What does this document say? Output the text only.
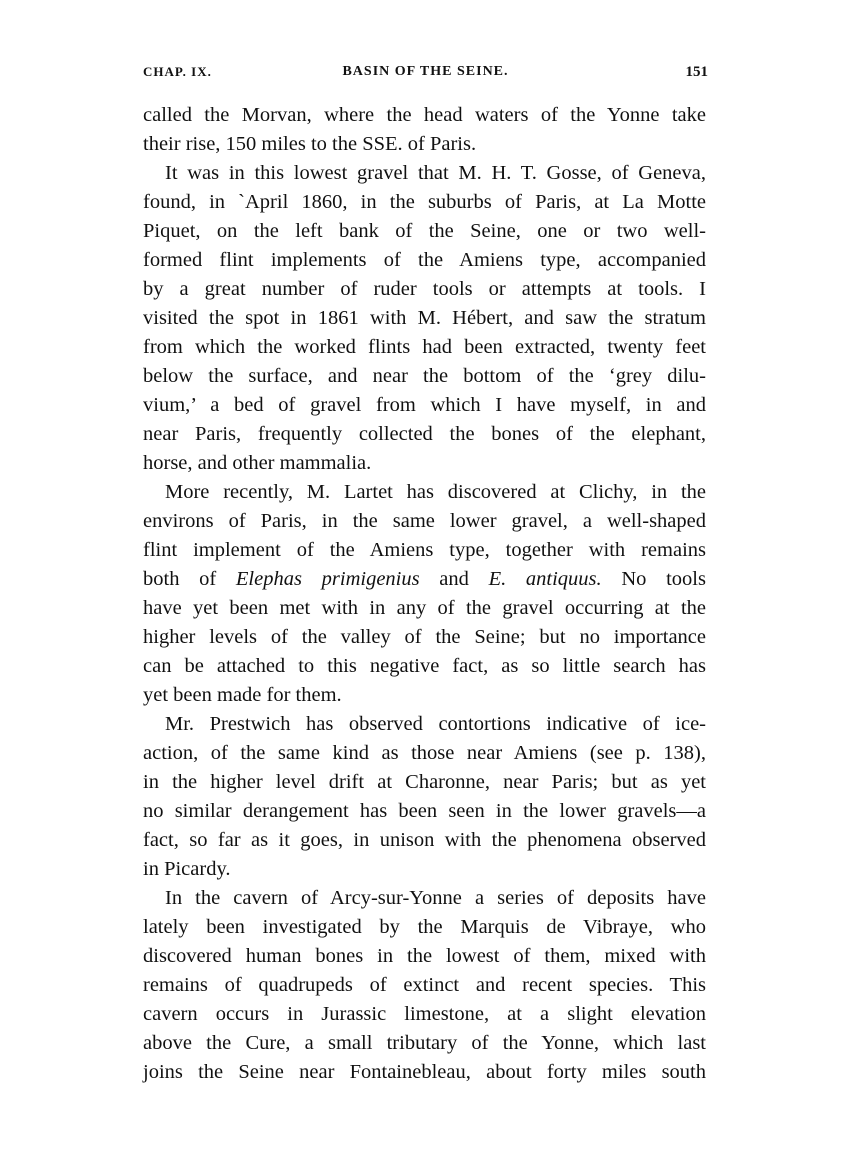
CHAP. IX.	BASIN OF THE SEINE.	151
called the Morvan, where the head waters of the Yonne take
their rise, 150 miles to the SSE. of Paris.
It was in this lowest gravel that M. H. T. Gosse, of Geneva,
found, in `April 1860, in the suburbs of Paris, at La Motte
Piquet, on the left bank of the Seine, one or two well-
formed flint implements of the Amiens type, accompanied
by a great number of ruder tools or attempts at tools. I
visited the spot in 1861 with M. Hébert, and saw the stratum
from which the worked flints had been extracted, twenty feet
below the surface, and near the bottom of the ‘grey dilu-
vium,’ a bed of gravel from which I have myself, in and
near Paris, frequently collected the bones of the elephant,
horse, and other mammalia.
More recently, M. Lartet has discovered at Clichy, in the
environs of Paris, in the same lower gravel, a well-shaped
flint implement of the Amiens type, together with remains
both of Elephas primigenius and E. antiquus. No tools
have yet been met with in any of the gravel occurring at the
higher levels of the valley of the Seine; but no importance
can be attached to this negative fact, as so little search has
yet been made for them.
Mr. Prestwich has observed contortions indicative of ice-
action, of the same kind as those near Amiens (see p. 138),
in the higher level drift at Charonne, near Paris; but as yet
no similar derangement has been seen in the lower gravels—a
fact, so far as it goes, in unison with the phenomena observed
in Picardy.
In the cavern of Arcy-sur-Yonne a series of deposits have
lately been investigated by the Marquis de Vibraye, who
discovered human bones in the lowest of them, mixed with
remains of quadrupeds of extinct and recent species. This
cavern occurs in Jurassic limestone, at a slight elevation
above the Cure, a small tributary of the Yonne, which last
joins the Seine near Fontainebleau, about forty miles south
